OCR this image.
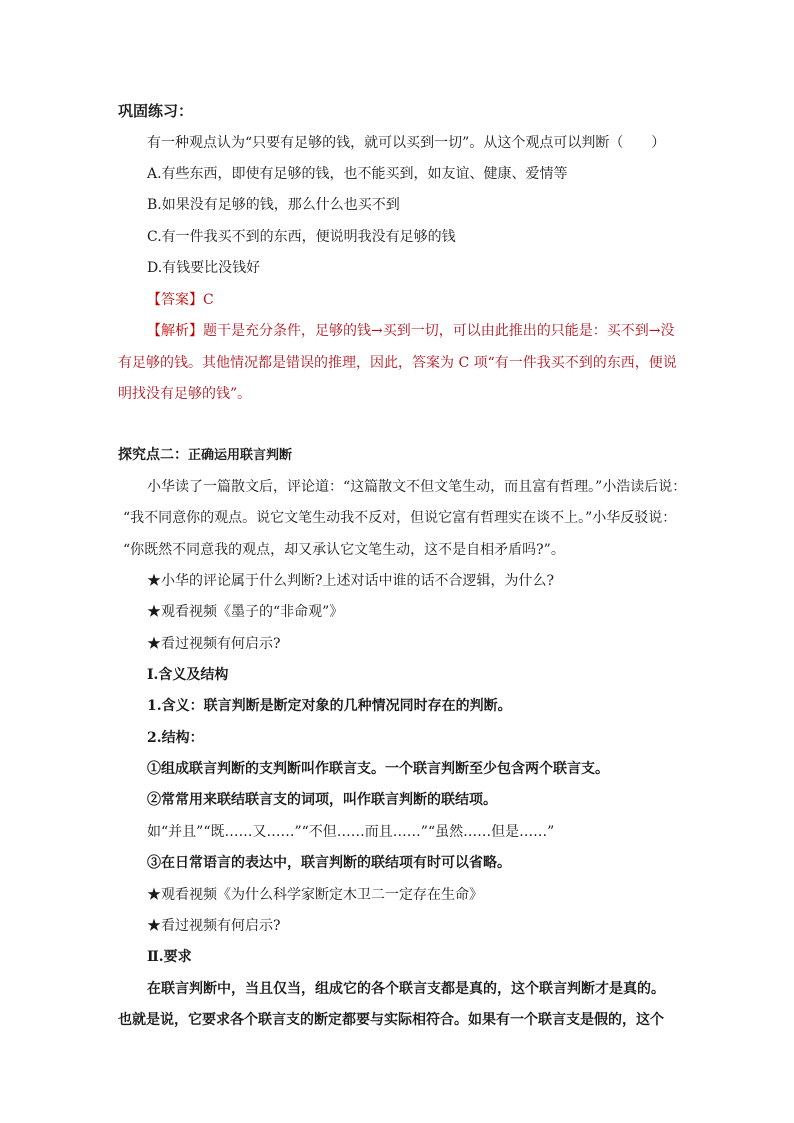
巩固练习：
有一种观点认为“只要有足够的钱，就可以买到一切”。从这个观点可以判断（　　）
A.有些东西，即使有足够的钱，也不能买到，如友谊、健康、爱情等
B.如果没有足够的钱，那么什么也买不到
C.有一件我买不到的东西，便说明我没有足够的钱
D.有钱要比没钱好
【答案】C
【解析】题干是充分条件，足够的钱→买到一切，可以由此推出的只能是：买不到→没
有足够的钱。其他情况都是错误的推理，因此，答案为 C 项“有一件我买不到的东西，便说
明找没有足够的钱”。
探究点二：正确运用联言判断
小华读了一篇散文后，评论道：“这篇散文不但文笔生动，而且富有哲理。”小浩读后说：
“我不同意你的观点。说它文笔生动我不反对，但说它富有哲理实在谈不上。”小华反驳说：
“你既然不同意我的观点，却又承认它文笔生动，这不是自相矛盾吗?”。
★小华的评论属于什么判断?上述对话中谁的话不合逻辑，为什么?
★观看视频《墨子的“非命观”》
★看过视频有何启示?
Ⅰ.含义及结构
1.含义：联言判断是断定对象的几种情况同时存在的判断。
2.结构：
①组成联言判断的支判断叫作联言支。一个联言判断至少包含两个联言支。
②常常用来联结联言支的词项，叫作联言判断的联结项。
如“并且”“既……又……”“不但……而且……”“虽然……但是……”
③在日常语言的表达中，联言判断的联结项有时可以省略。
★观看视频《为什么科学家断定木卫二一定存在生命》
★看过视频有何启示?
Ⅱ.要求
在联言判断中，当且仅当，组成它的各个联言支都是真的，这个联言判断才是真的。
也就是说，它要求各个联言支的断定都要与实际相符合。如果有一个联言支是假的，这个
